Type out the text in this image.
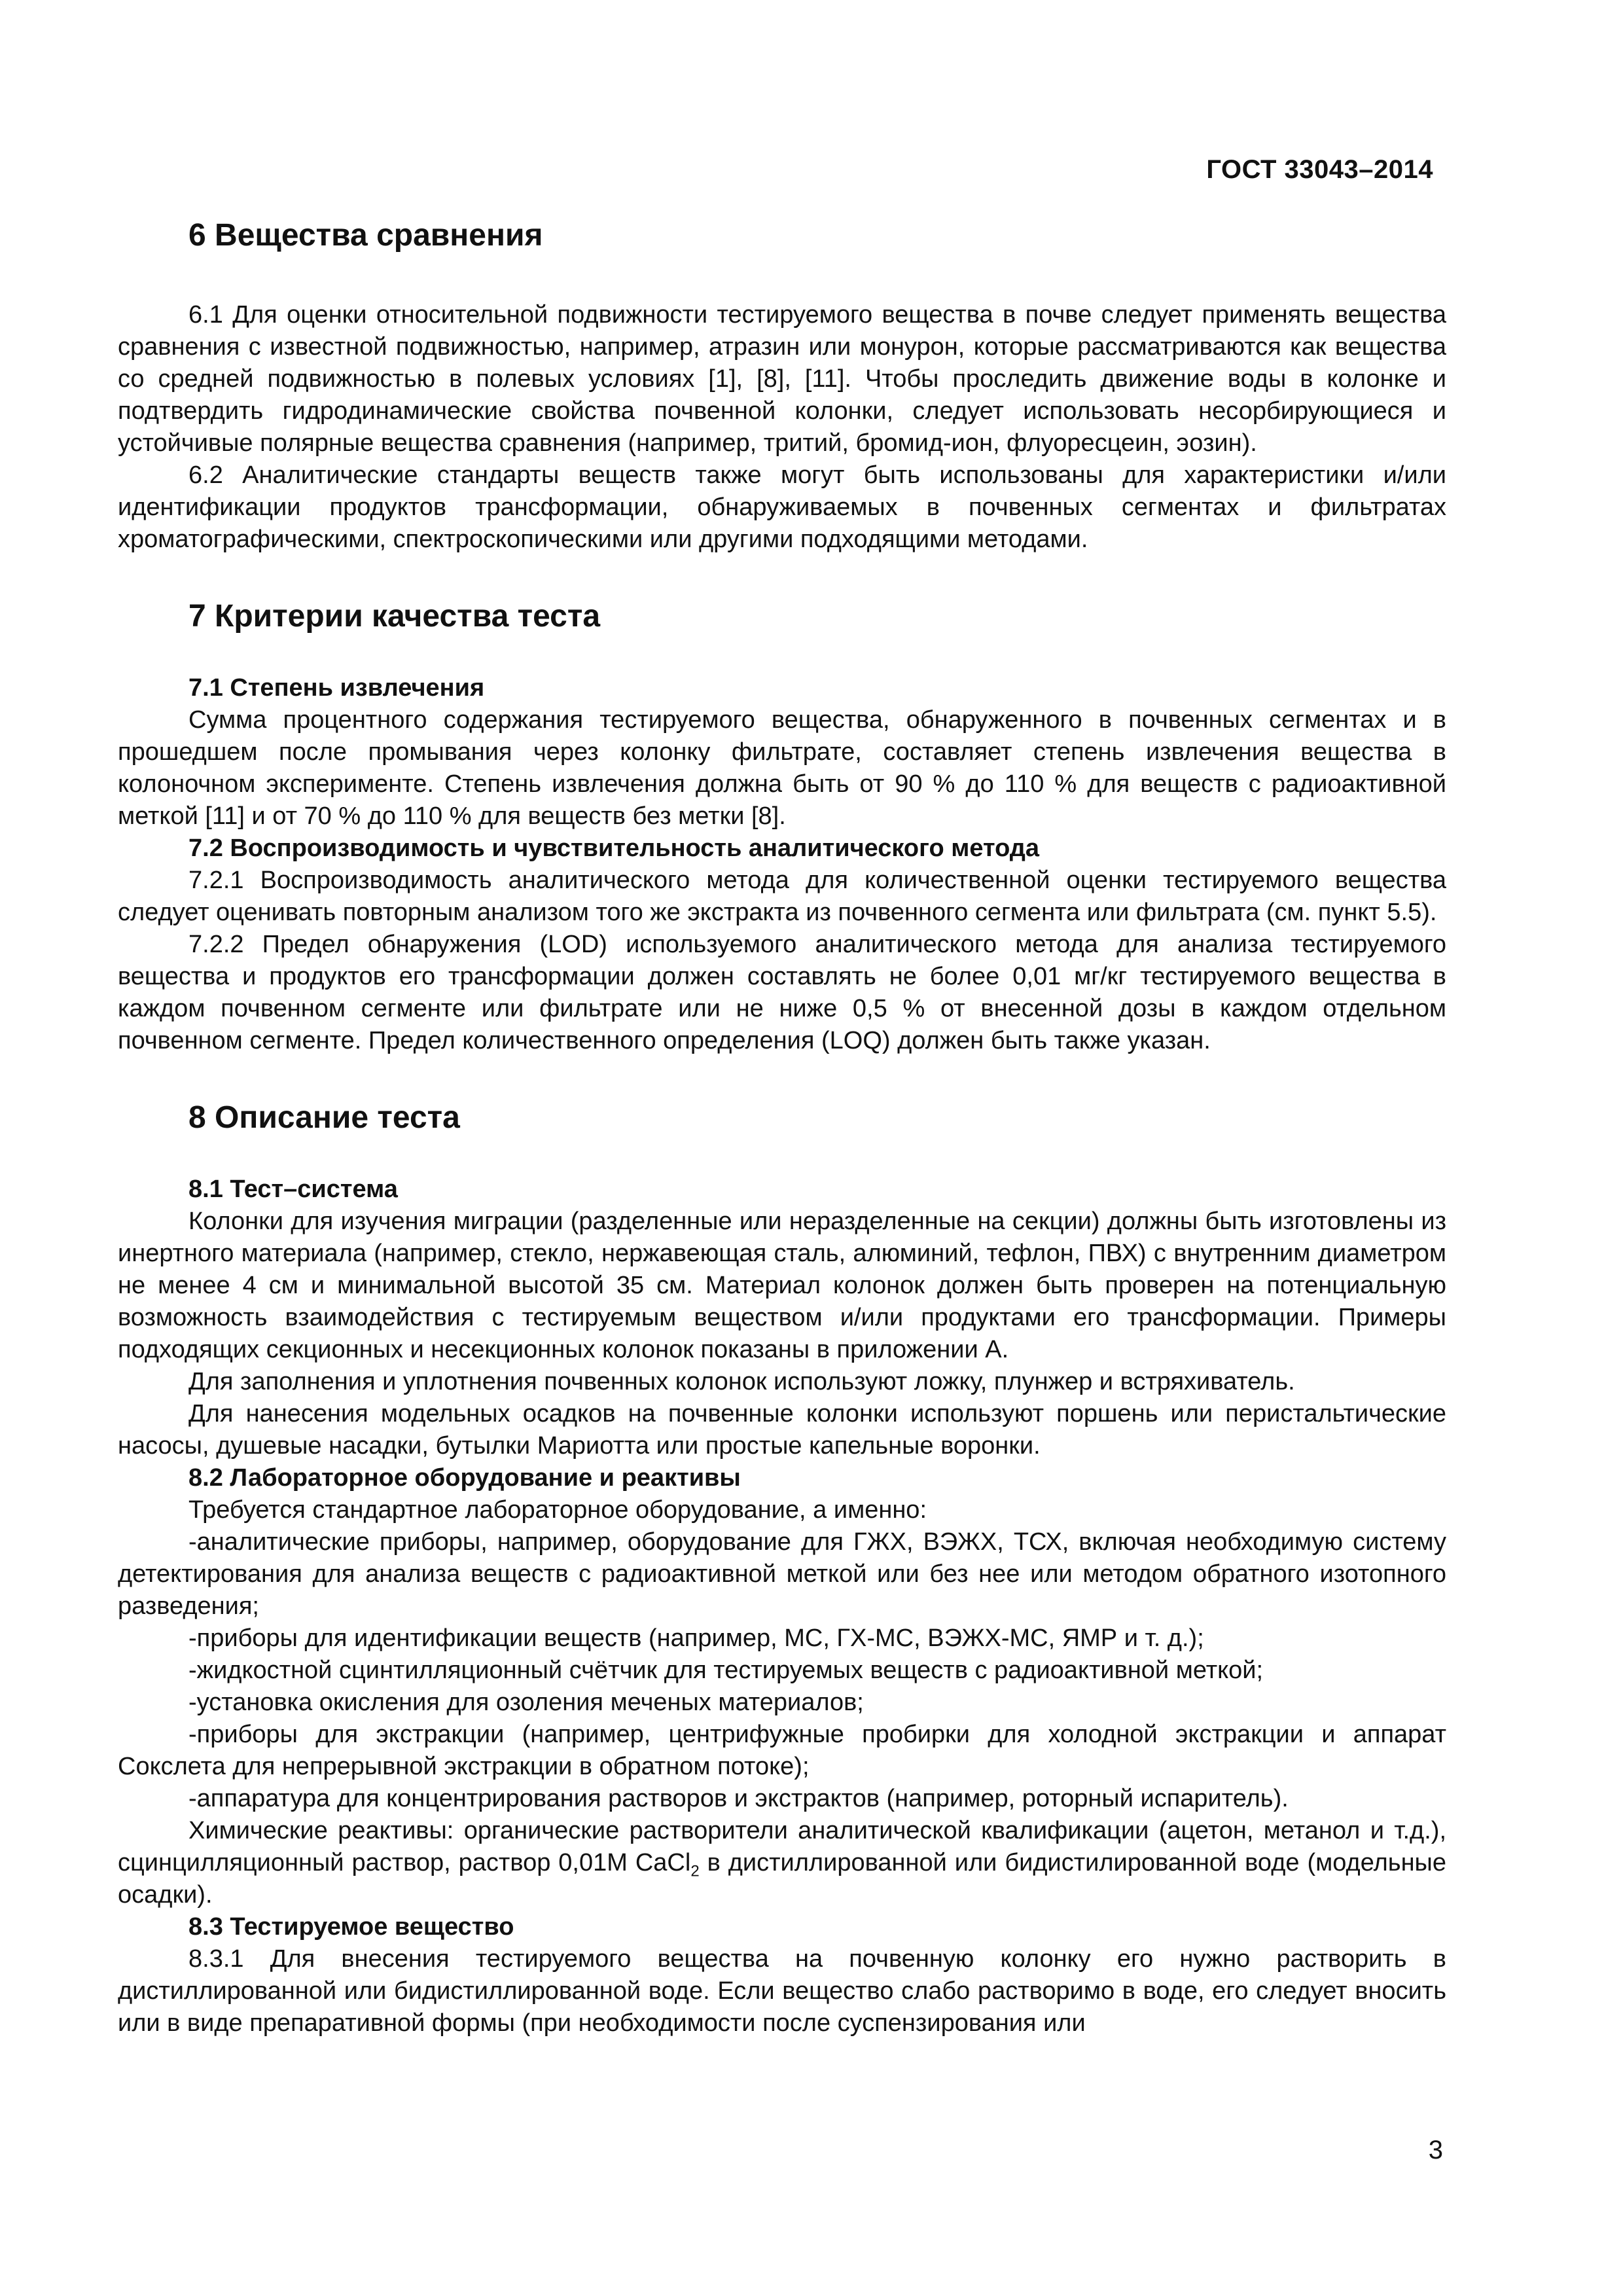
ГОСТ 33043–2014
6 Вещества сравнения

6.1 Для оценки относительной подвижности тестируемого вещества в почве следует применять вещества сравнения с известной подвижностью, например, атразин или монурон, которые рассматриваются как вещества со средней подвижностью в полевых условиях [1], [8], [11]. Чтобы проследить движение воды в колонке и подтвердить гидродинамические свойства почвенной колонки, следует использовать несорбирующиеся и устойчивые полярные вещества сравнения (например, тритий, бромид-ион, флуоресцеин, эозин).

6.2 Аналитические стандарты веществ также могут быть использованы для характеристики и/или идентификации продуктов трансформации, обнаруживаемых в почвенных сегментах и фильтратах хроматографическими, спектроскопическими или другими подходящими методами.

7 Критерии качества теста
7.1 Степень извлечения

Сумма процентного содержания тестируемого вещества, обнаруженного в почвенных сегментах и в прошедшем после промывания через колонку фильтрате, составляет степень извлечения вещества в колоночном эксперименте. Степень извлечения должна быть от 90 % до 110 % для веществ с радиоактивной меткой [11] и от 70 % до 110 % для веществ без метки [8].

7.2 Воспроизводимость и чувствительность аналитического метода

7.2.1 Воспроизводимость аналитического метода для количественной оценки тестируемого вещества следует оценивать повторным анализом того же экстракта из почвенного сегмента или фильтрата (см. пункт 5.5).

7.2.2 Предел обнаружения (LOD) используемого аналитического метода для анализа тестируемого вещества и продуктов его трансформации должен составлять не более 0,01 мг/кг тестируемого вещества в каждом почвенном сегменте или фильтрате или не ниже 0,5 % от внесенной дозы в каждом отдельном почвенном сегменте. Предел количественного определения (LOQ) должен быть также указан.

8 Описание теста
8.1 Тест–система

Колонки для изучения миграции (разделенные или неразделенные на секции) должны быть изготовлены из инертного материала (например, стекло, нержавеющая сталь, алюминий, тефлон, ПВХ) с внутренним диаметром не менее 4 см и минимальной высотой 35 см. Материал колонок должен быть проверен на потенциальную возможность взаимодействия с тестируемым веществом и/или продуктами его трансформации. Примеры подходящих секционных и несекционных колонок показаны в приложении А.

Для заполнения и уплотнения почвенных колонок используют ложку, плунжер и встряхиватель.

Для нанесения модельных осадков на почвенные колонки используют поршень или перистальтические насосы, душевые насадки, бутылки Мариотта или простые капельные воронки.

8.2 Лабораторное оборудование и реактивы

Требуется стандартное лабораторное оборудование, а именно:

-аналитические приборы, например, оборудование для ГЖХ, ВЭЖХ, ТСХ, включая необходимую систему детектирования для анализа веществ с радиоактивной меткой или без нее или методом обратного изотопного разведения;

-приборы для идентификации веществ (например, МС, ГХ-МС, ВЭЖХ-МС, ЯМР и т. д.);

-жидкостной сцинтилляционный счётчик для тестируемых веществ с радиоактивной меткой;

-установка окисления для озоления меченых материалов;

-приборы для экстракции (например, центрифужные пробирки для холодной экстракции и аппарат Сокслета для непрерывной экстракции в обратном потоке);

-аппаратура для концентрирования растворов и экстрактов (например, роторный испаритель).

Химические реактивы: органические растворители аналитической квалификации (ацетон, метанол и т.д.), сцинцилляционный раствор, раствор 0,01М CaCl$_2$ в дистиллированной или бидистилированной воде (модельные осадки).

8.3 Тестируемое вещество

8.3.1 Для внесения тестируемого вещества на почвенную колонку его нужно растворить в дистиллированной или бидистиллированной воде. Если вещество слабо растворимо в воде, его следует вносить или в виде препаративной формы (при необходимости после суспензирования или

3
